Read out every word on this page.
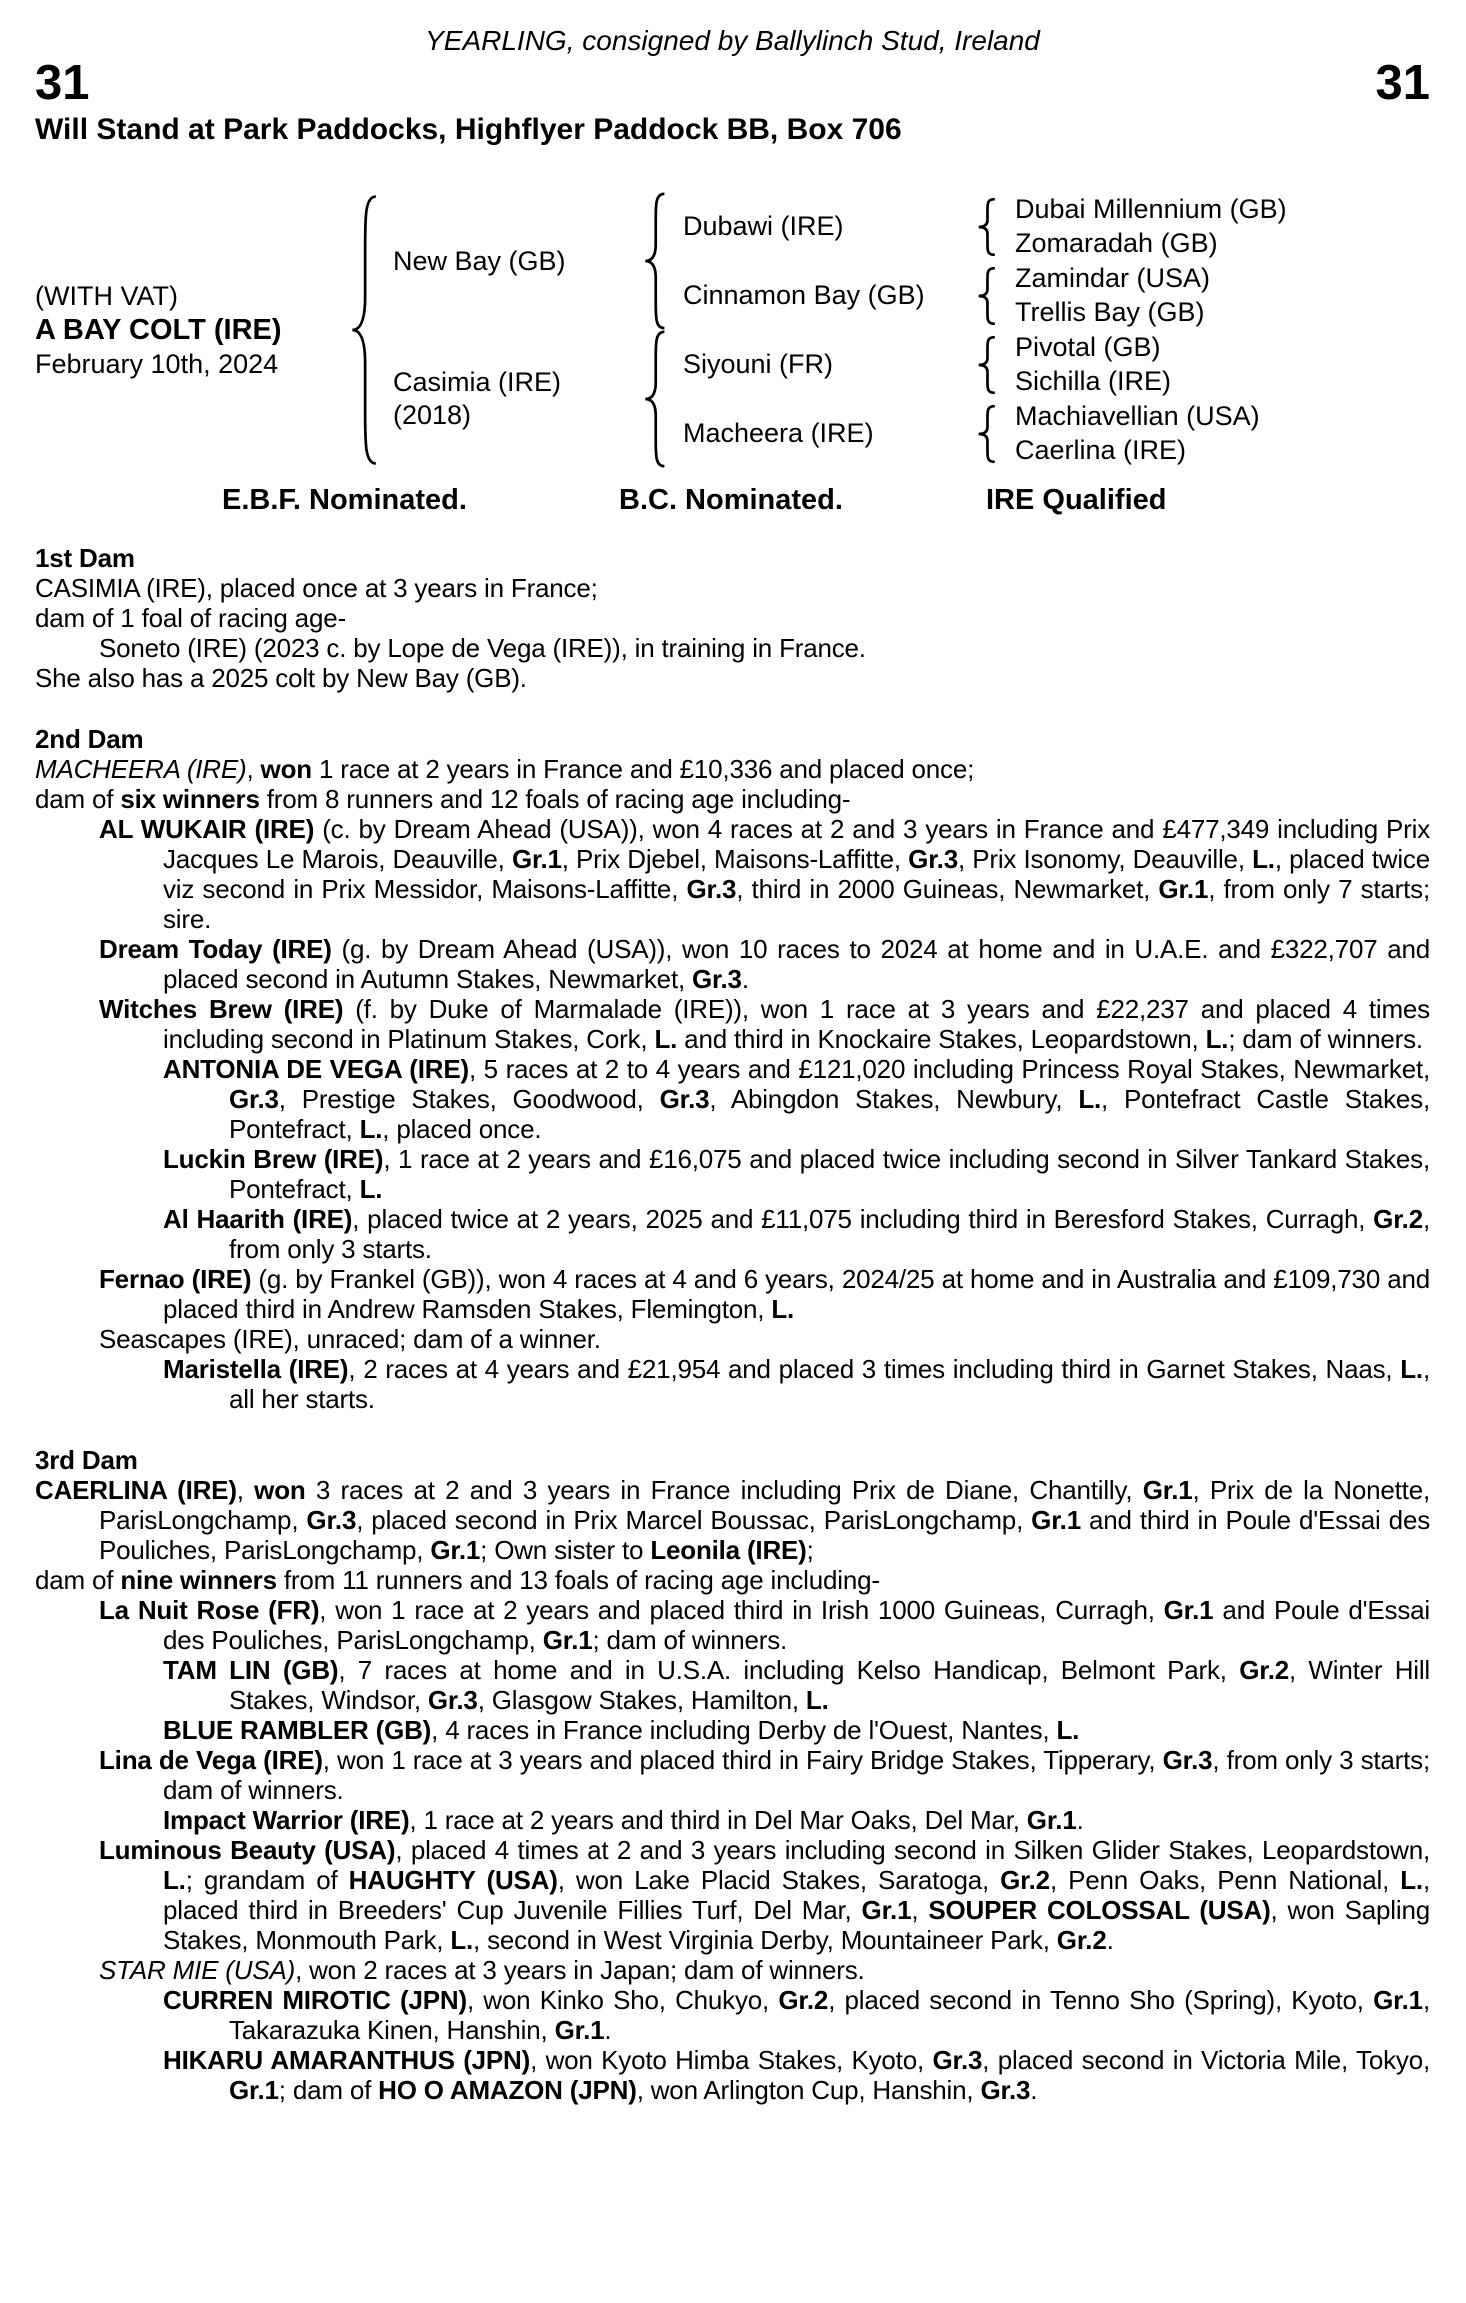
YEARLING, consigned by Ballylinch Stud, Ireland
31	31
Will Stand at Park Paddocks, Highflyer Paddock BB, Box 706
(WITH VAT)
A BAY COLT (IRE)
February 10th, 2024
New Bay (GB)
Dubawi (IRE)
Dubai Millennium (GB)
Zomaradah (GB)
Cinnamon Bay (GB)
Zamindar (USA)
Trellis Bay (GB)
Casimia (IRE)
(2018)
Siyouni (FR)
Pivotal (GB)
Sichilla (IRE)
Macheera (IRE)
Machiavellian (USA)
Caerlina (IRE)
E.B.F. Nominated.	B.C. Nominated.	IRE Qualified
1st Dam

CASIMIA (IRE), placed once at 3 years in France;

dam of 1 foal of racing age-

Soneto (IRE) (2023 c. by Lope de Vega (IRE)), in training in France.

She also has a 2025 colt by New Bay (GB).

2nd Dam

MACHEERA (IRE), won 1 race at 2 years in France and £10,336 and placed once;

dam of six winners from 8 runners and 12 foals of racing age including-

AL WUKAIR (IRE) (c. by Dream Ahead (USA)), won 4 races at 2 and 3 years in France and £477,349 including Prix Jacques Le Marois, Deauville, Gr.1, Prix Djebel, Maisons-Laffitte, Gr.3, Prix Isonomy, Deauville, L., placed twice viz second in Prix Messidor, Maisons-Laffitte, Gr.3, third in 2000 Guineas, Newmarket, Gr.1, from only 7 starts; sire.

Dream Today (IRE) (g. by Dream Ahead (USA)), won 10 races to 2024 at home and in U.A.E. and £322,707 and placed second in Autumn Stakes, Newmarket, Gr.3.

Witches Brew (IRE) (f. by Duke of Marmalade (IRE)), won 1 race at 3 years and £22,237 and placed 4 times including second in Platinum Stakes, Cork, L. and third in Knockaire Stakes, Leopardstown, L.; dam of winners.

ANTONIA DE VEGA (IRE), 5 races at 2 to 4 years and £121,020 including Princess Royal Stakes, Newmarket, Gr.3, Prestige Stakes, Goodwood, Gr.3, Abingdon Stakes, Newbury, L., Pontefract Castle Stakes, Pontefract, L., placed once.

Luckin Brew (IRE), 1 race at 2 years and £16,075 and placed twice including second in Silver Tankard Stakes, Pontefract, L.

Al Haarith (IRE), placed twice at 2 years, 2025 and £11,075 including third in Beresford Stakes, Curragh, Gr.2, from only 3 starts.

Fernao (IRE) (g. by Frankel (GB)), won 4 races at 4 and 6 years, 2024/25 at home and in Australia and £109,730 and placed third in Andrew Ramsden Stakes, Flemington, L.

Seascapes (IRE), unraced; dam of a winner.

Maristella (IRE), 2 races at 4 years and £21,954 and placed 3 times including third in Garnet Stakes, Naas, L., all her starts.

3rd Dam

CAERLINA (IRE), won 3 races at 2 and 3 years in France including Prix de Diane, Chantilly, Gr.1, Prix de la Nonette, ParisLongchamp, Gr.3, placed second in Prix Marcel Boussac, ParisLongchamp, Gr.1 and third in Poule d'Essai des Pouliches, ParisLongchamp, Gr.1; Own sister to Leonila (IRE);

dam of nine winners from 11 runners and 13 foals of racing age including-

La Nuit Rose (FR), won 1 race at 2 years and placed third in Irish 1000 Guineas, Curragh, Gr.1 and Poule d'Essai des Pouliches, ParisLongchamp, Gr.1; dam of winners.

TAM LIN (GB), 7 races at home and in U.S.A. including Kelso Handicap, Belmont Park, Gr.2, Winter Hill Stakes, Windsor, Gr.3, Glasgow Stakes, Hamilton, L.

BLUE RAMBLER (GB), 4 races in France including Derby de l'Ouest, Nantes, L.

Lina de Vega (IRE), won 1 race at 3 years and placed third in Fairy Bridge Stakes, Tipperary, Gr.3, from only 3 starts; dam of winners.

Impact Warrior (IRE), 1 race at 2 years and third in Del Mar Oaks, Del Mar, Gr.1.

Luminous Beauty (USA), placed 4 times at 2 and 3 years including second in Silken Glider Stakes, Leopardstown, L.; grandam of HAUGHTY (USA), won Lake Placid Stakes, Saratoga, Gr.2, Penn Oaks, Penn National, L., placed third in Breeders' Cup Juvenile Fillies Turf, Del Mar, Gr.1, SOUPER COLOSSAL (USA), won Sapling Stakes, Monmouth Park, L., second in West Virginia Derby, Mountaineer Park, Gr.2.

STAR MIE (USA), won 2 races at 3 years in Japan; dam of winners.

CURREN MIROTIC (JPN), won Kinko Sho, Chukyo, Gr.2, placed second in Tenno Sho (Spring), Kyoto, Gr.1, Takarazuka Kinen, Hanshin, Gr.1.

HIKARU AMARANTHUS (JPN), won Kyoto Himba Stakes, Kyoto, Gr.3, placed second in Victoria Mile, Tokyo, Gr.1; dam of HO O AMAZON (JPN), won Arlington Cup, Hanshin, Gr.3.
